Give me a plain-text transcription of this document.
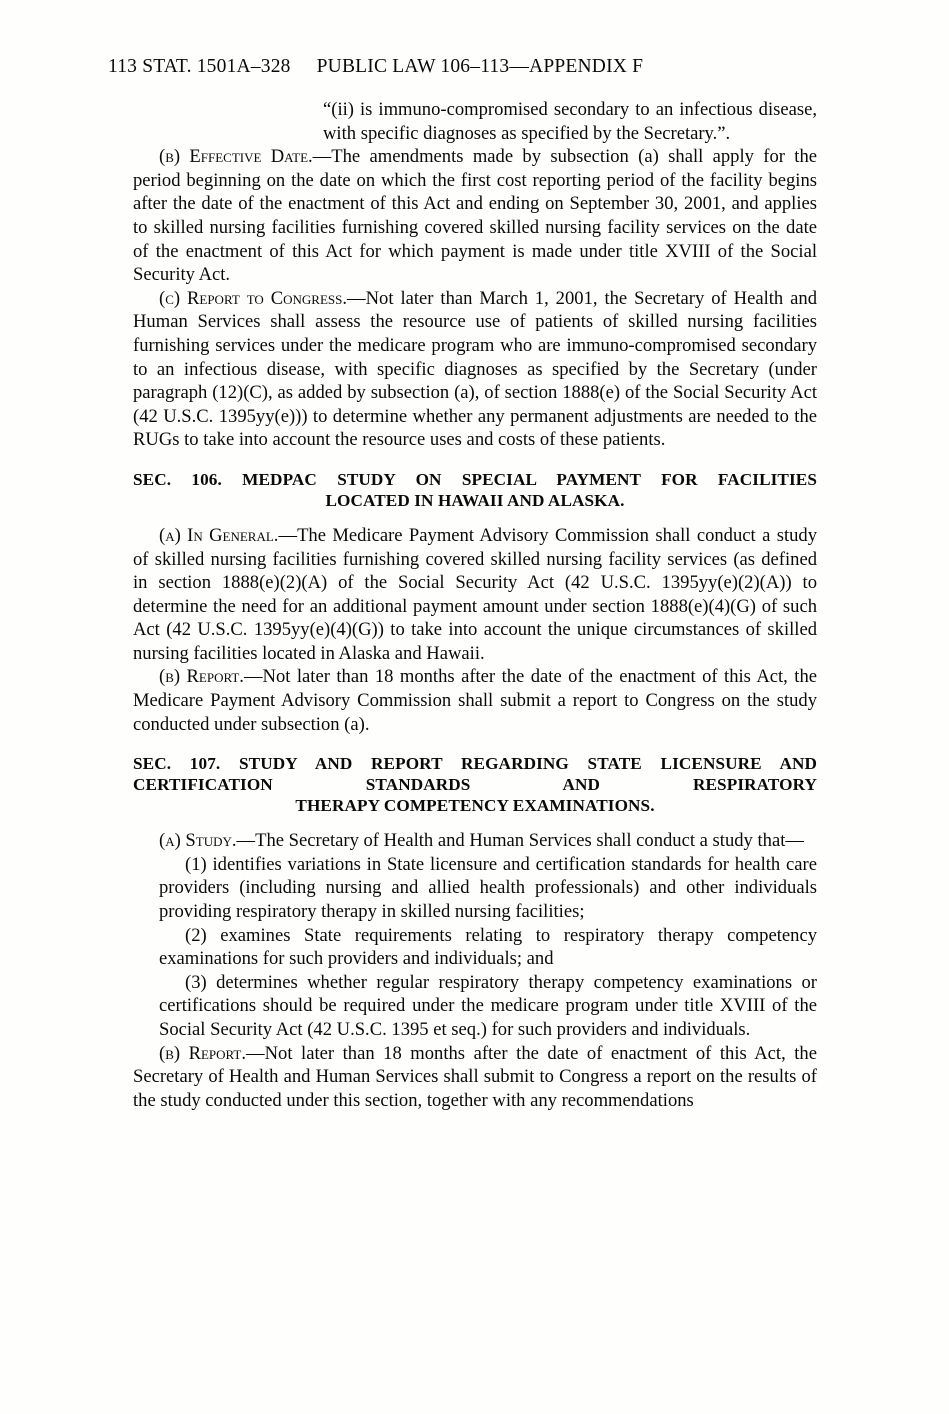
113 STAT. 1501A–328 PUBLIC LAW 106–113—APPENDIX F

“(ii) is immuno-compromised secondary to an infectious disease, with specific diagnoses as specified by the Secretary.”.

(b) Effective Date.—The amendments made by subsection (a) shall apply for the period beginning on the date on which the first cost reporting period of the facility begins after the date of the enactment of this Act and ending on September 30, 2001, and applies to skilled nursing facilities furnishing covered skilled nursing facility services on the date of the enactment of this Act for which payment is made under title XVIII of the Social Security Act.

(c) Report to Congress.—Not later than March 1, 2001, the Secretary of Health and Human Services shall assess the resource use of patients of skilled nursing facilities furnishing services under the medicare program who are immuno-compromised secondary to an infectious disease, with specific diagnoses as specified by the Secretary (under paragraph (12)(C), as added by subsection (a), of section 1888(e) of the Social Security Act (42 U.S.C. 1395yy(e))) to determine whether any permanent adjustments are needed to the RUGs to take into account the resource uses and costs of these patients.

SEC. 106. MEDPAC STUDY ON SPECIAL PAYMENT FOR FACILITIES
LOCATED IN HAWAII AND ALASKA.

(a) In General.—The Medicare Payment Advisory Commission shall conduct a study of skilled nursing facilities furnishing covered skilled nursing facility services (as defined in section 1888(e)(2)(A) of the Social Security Act (42 U.S.C. 1395yy(e)(2)(A)) to determine the need for an additional payment amount under section 1888(e)(4)(G) of such Act (42 U.S.C. 1395yy(e)(4)(G)) to take into account the unique circumstances of skilled nursing facilities located in Alaska and Hawaii.

(b) Report.—Not later than 18 months after the date of the enactment of this Act, the Medicare Payment Advisory Commission shall submit a report to Congress on the study conducted under subsection (a).

SEC. 107. STUDY AND REPORT REGARDING STATE LICENSURE AND
CERTIFICATION STANDARDS AND RESPIRATORY
THERAPY COMPETENCY EXAMINATIONS.

(a) Study.—The Secretary of Health and Human Services shall conduct a study that—

(1) identifies variations in State licensure and certification standards for health care providers (including nursing and allied health professionals) and other individuals providing respiratory therapy in skilled nursing facilities;

(2) examines State requirements relating to respiratory therapy competency examinations for such providers and individuals; and

(3) determines whether regular respiratory therapy competency examinations or certifications should be required under the medicare program under title XVIII of the Social Security Act (42 U.S.C. 1395 et seq.) for such providers and individuals.

(b) Report.—Not later than 18 months after the date of enactment of this Act, the Secretary of Health and Human Services shall submit to Congress a report on the results of the study conducted under this section, together with any recommendations
